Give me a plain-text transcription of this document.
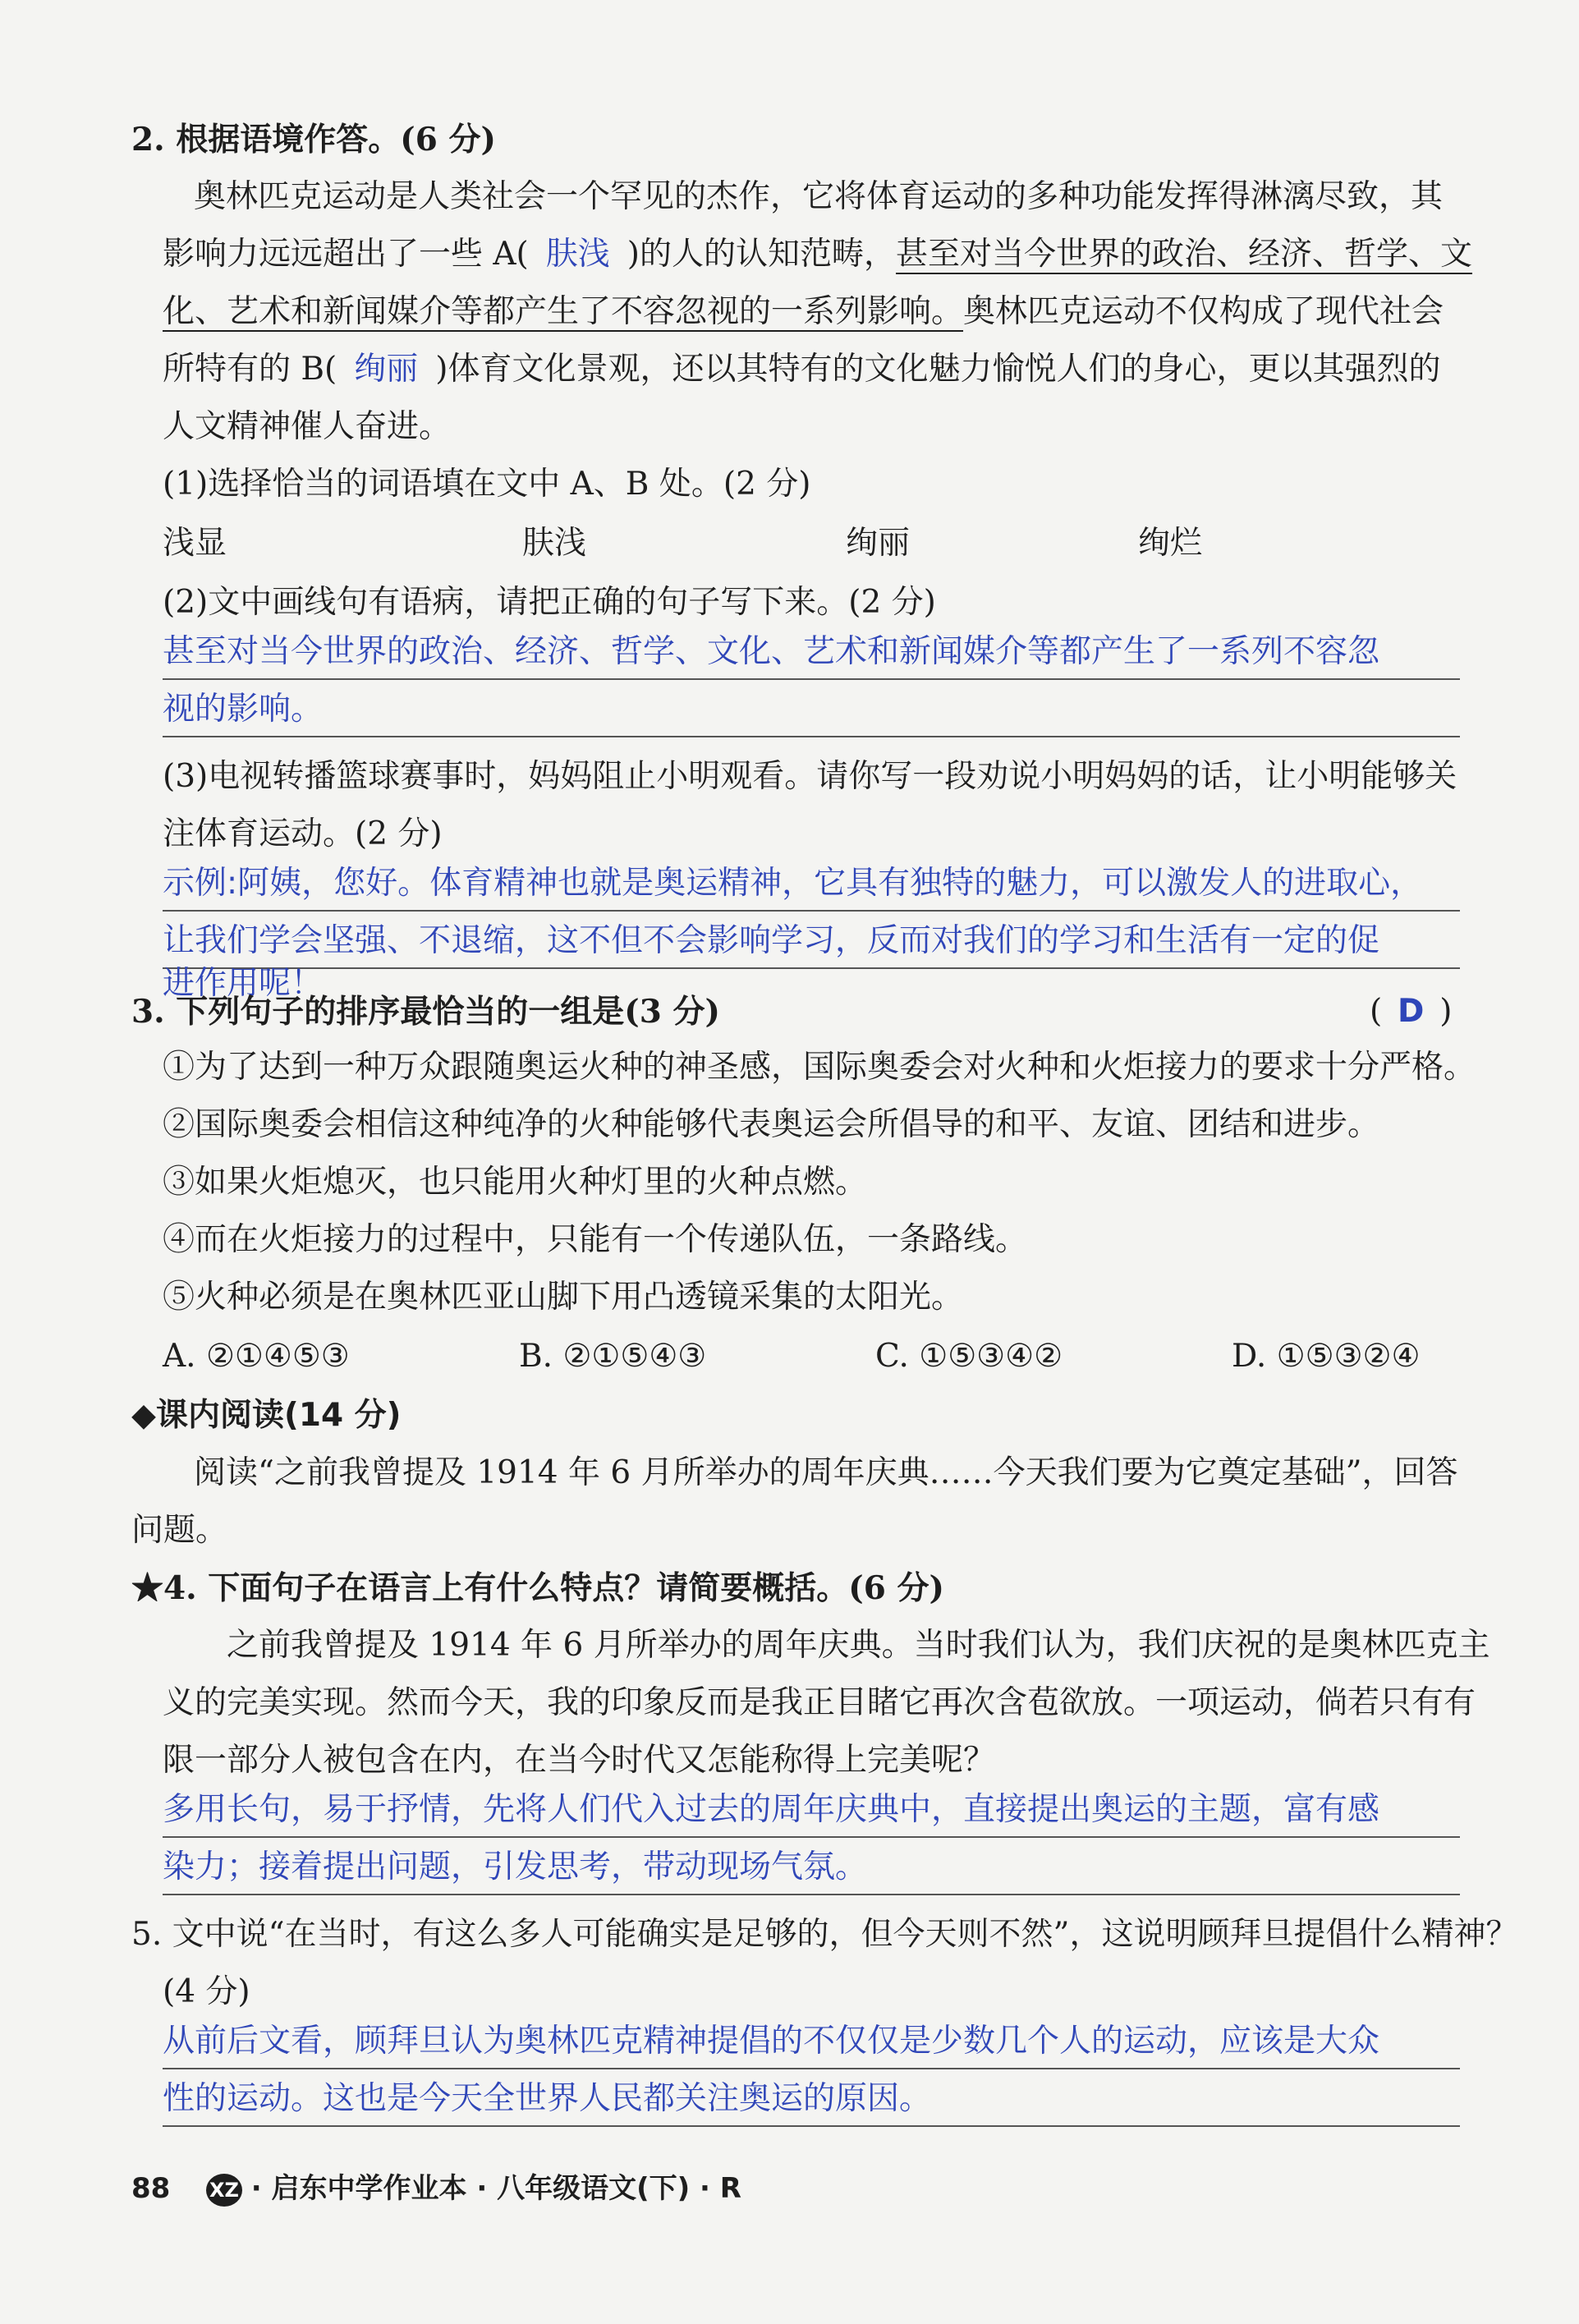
2. 根据语境作答。(6 分)
奥林匹克运动是人类社会一个罕见的杰作，它将体育运动的多种功能发挥得淋漓尽致，其
影响力远远超出了一些 A( 肤浅 )的人的认知范畴，甚至对当今世界的政治、经济、哲学、文
化、艺术和新闻媒介等都产生了不容忽视的一系列影响。奥林匹克运动不仅构成了现代社会
所特有的 B( 绚丽 )体育文化景观，还以其特有的文化魅力愉悦人们的身心，更以其强烈的
人文精神催人奋进。
(1)选择恰当的词语填在文中 A、B 处。(2 分)
浅显	肤浅	绚丽	绚烂
(2)文中画线句有语病，请把正确的句子写下来。(2 分)
甚至对当今世界的政治、经济、哲学、文化、艺术和新闻媒介等都产生了一系列不容忽
视的影响。
(3)电视转播篮球赛事时，妈妈阻止小明观看。请你写一段劝说小明妈妈的话，让小明能够关
注体育运动。(2 分)
示例:阿姨，您好。体育精神也就是奥运精神，它具有独特的魅力，可以激发人的进取心，
让我们学会坚强、不退缩，这不但不会影响学习，反而对我们的学习和生活有一定的促
进作用呢！
3. 下列句子的排序最恰当的一组是(3 分)	( D )
①为了达到一种万众跟随奥运火种的神圣感，国际奥委会对火种和火炬接力的要求十分严格。
②国际奥委会相信这种纯净的火种能够代表奥运会所倡导的和平、友谊、团结和进步。
③如果火炬熄灭，也只能用火种灯里的火种点燃。
④而在火炬接力的过程中，只能有一个传递队伍，一条路线。
⑤火种必须是在奥林匹亚山脚下用凸透镜采集的太阳光。
A. ②①④⑤③	B. ②①⑤④③	C. ①⑤③④②	D. ①⑤③②④
◆课内阅读(14 分)
阅读“之前我曾提及 1914 年 6 月所举办的周年庆典……今天我们要为它奠定基础”，回答
问题。
★4. 下面句子在语言上有什么特点？请简要概括。(6 分)
之前我曾提及 1914 年 6 月所举办的周年庆典。当时我们认为，我们庆祝的是奥林匹克主
义的完美实现。然而今天，我的印象反而是我正目睹它再次含苞欲放。一项运动，倘若只有有
限一部分人被包含在内，在当今时代又怎能称得上完美呢？
多用长句，易于抒情，先将人们代入过去的周年庆典中，直接提出奥运的主题，富有感
染力；接着提出问题，引发思考，带动现场气氛。
5. 文中说“在当时，有这么多人可能确实是足够的，但今天则不然”，这说明顾拜旦提倡什么精神？
(4 分)
从前后文看，顾拜旦认为奥林匹克精神提倡的不仅仅是少数几个人的运动，应该是大众
性的运动。这也是今天全世界人民都关注奥运的原因。
88 XZ · 启东中学作业本 · 八年级语文(下) · R
